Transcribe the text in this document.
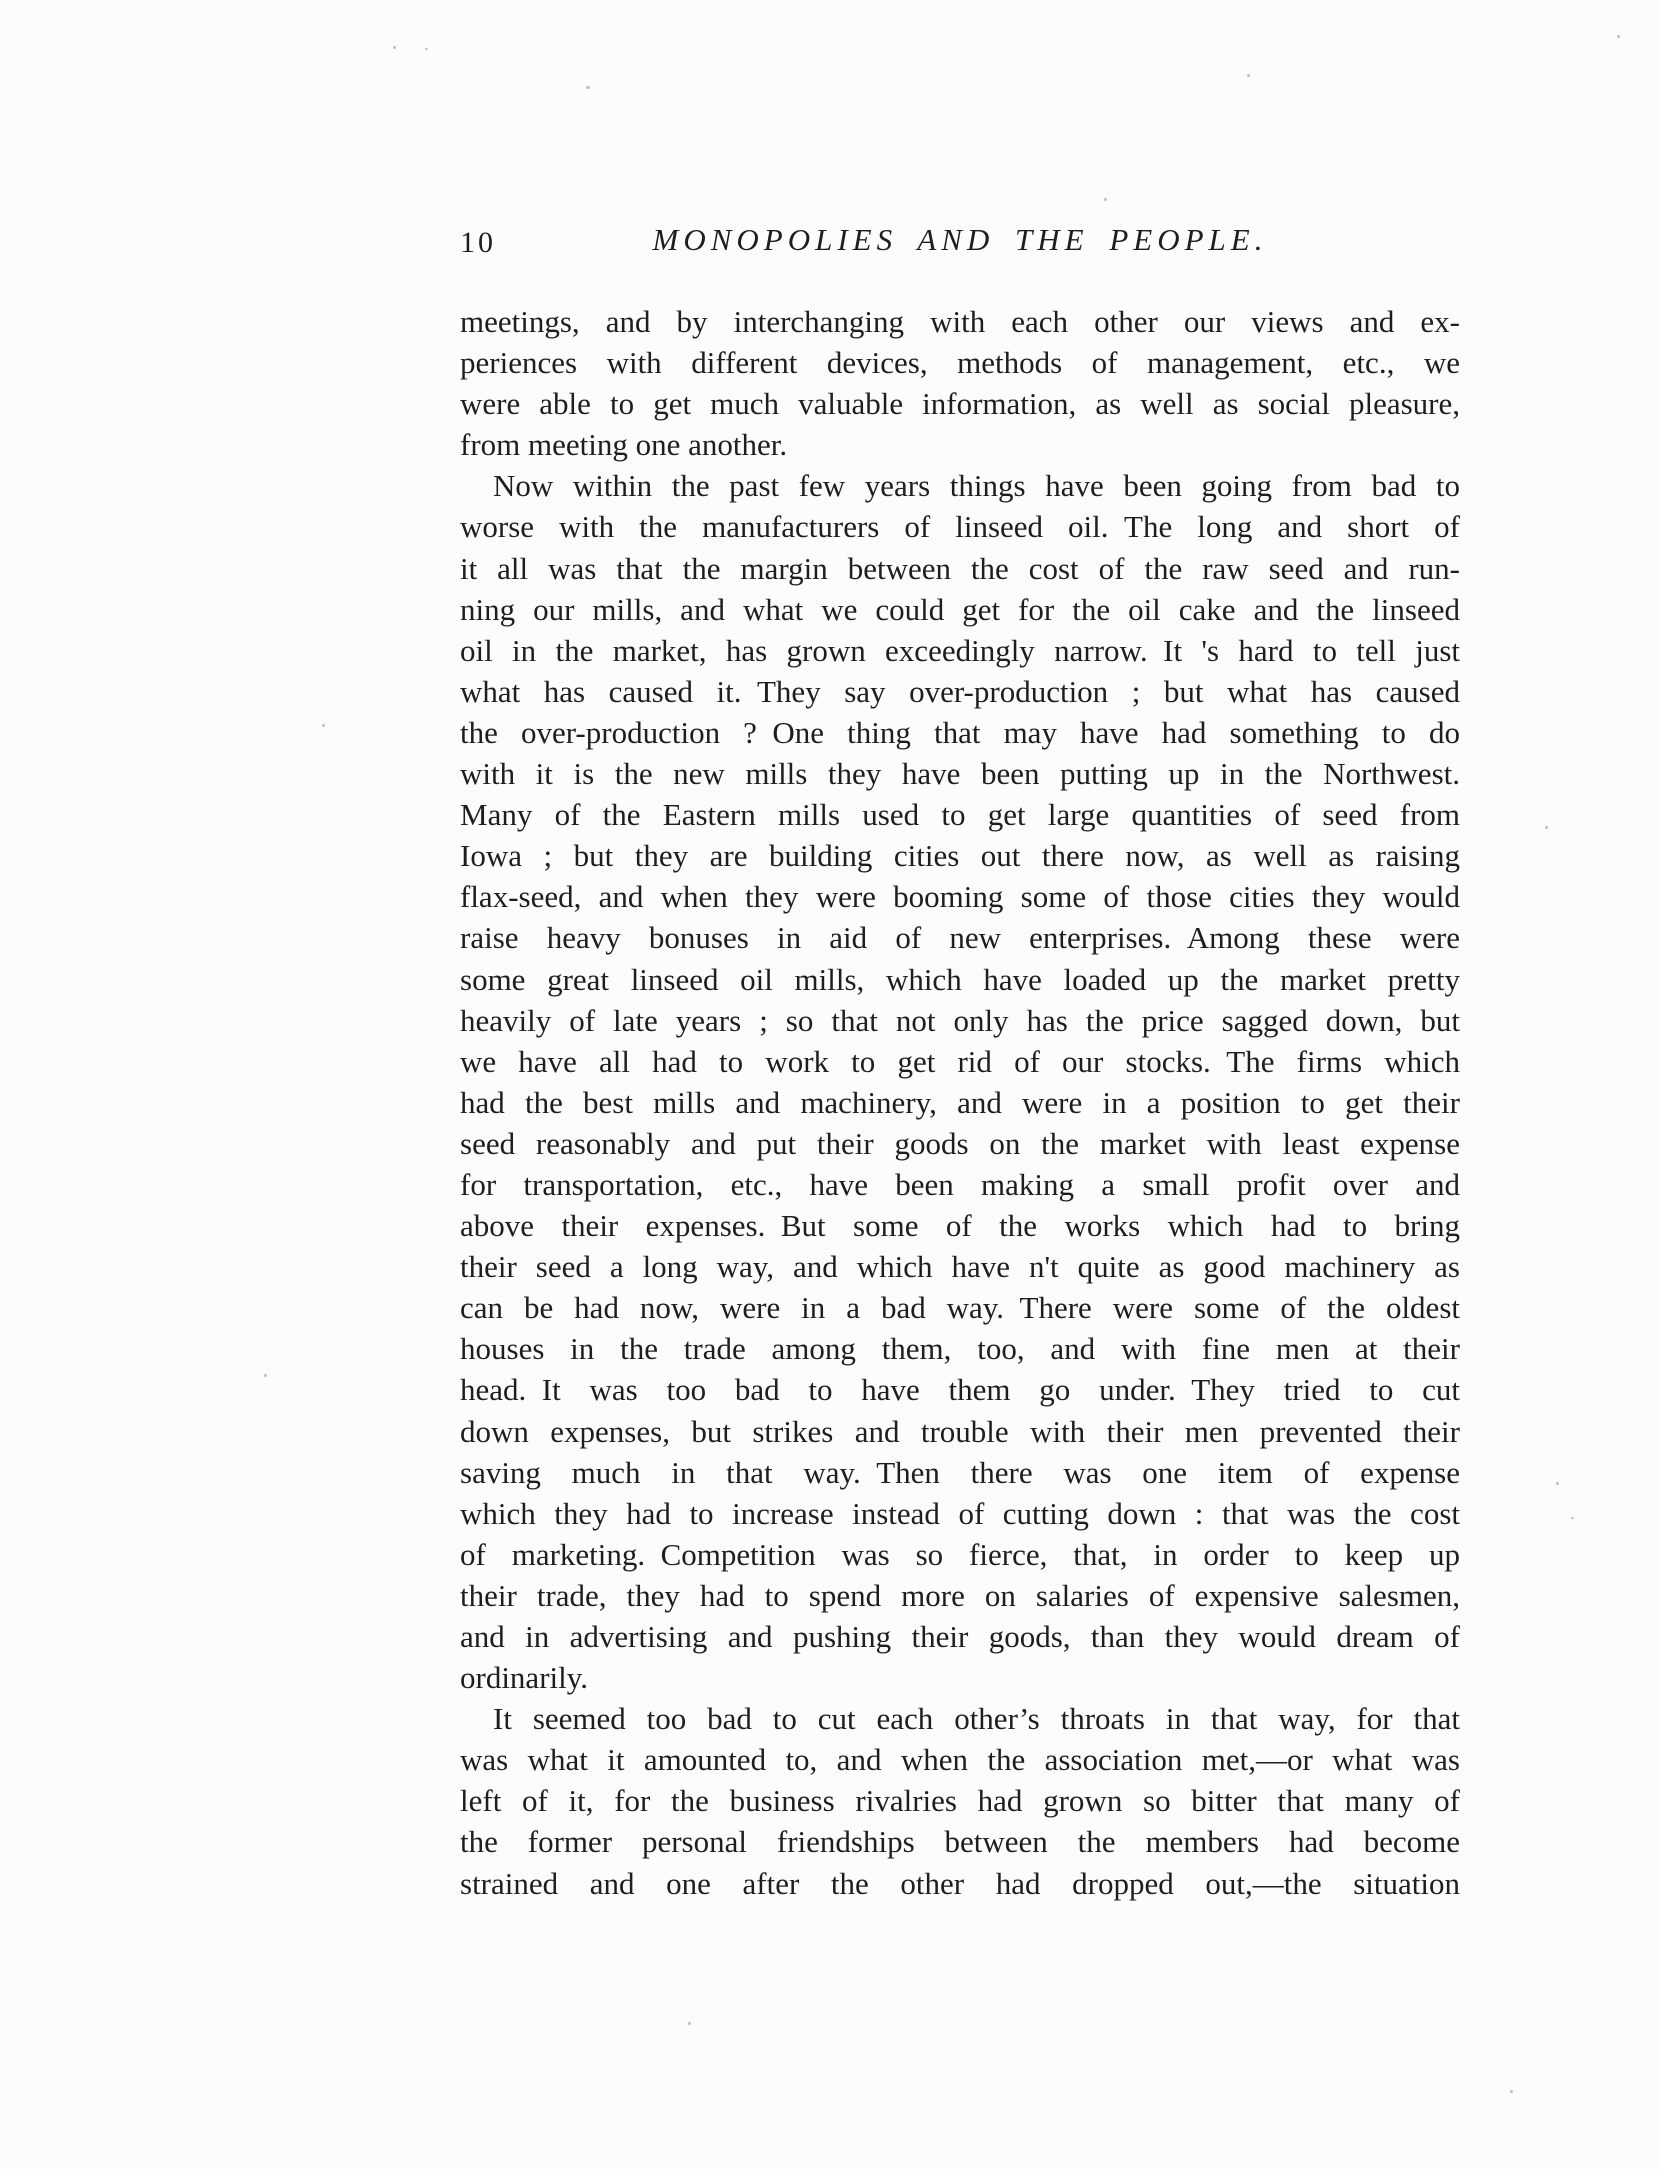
10	MONOPOLIES AND THE PEOPLE.
meetings, and by interchanging with each other our views and ex-
periences with different devices, methods of management, etc., we
were able to get much valuable information, as well as social pleasure,
from meeting one another.
Now within the past few years things have been going from bad to
worse with the manufacturers of linseed oil. The long and short of
it all was that the margin between the cost of the raw seed and run-
ning our mills, and what we could get for the oil cake and the linseed
oil in the market, has grown exceedingly narrow. It 's hard to tell just
what has caused it. They say over-production ; but what has caused
the over-production ? One thing that may have had something to do
with it is the new mills they have been putting up in the Northwest.
Many of the Eastern mills used to get large quantities of seed from
Iowa ; but they are building cities out there now, as well as raising
flax-seed, and when they were booming some of those cities they would
raise heavy bonuses in aid of new enterprises. Among these were
some great linseed oil mills, which have loaded up the market pretty
heavily of late years ; so that not only has the price sagged down, but
we have all had to work to get rid of our stocks. The firms which
had the best mills and machinery, and were in a position to get their
seed reasonably and put their goods on the market with least expense
for transportation, etc., have been making a small profit over and
above their expenses. But some of the works which had to bring
their seed a long way, and which have n't quite as good machinery as
can be had now, were in a bad way. There were some of the oldest
houses in the trade among them, too, and with fine men at their
head. It was too bad to have them go under. They tried to cut
down expenses, but strikes and trouble with their men prevented their
saving much in that way. Then there was one item of expense
which they had to increase instead of cutting down : that was the cost
of marketing. Competition was so fierce, that, in order to keep up
their trade, they had to spend more on salaries of expensive salesmen,
and in advertising and pushing their goods, than they would dream of
ordinarily.
It seemed too bad to cut each other’s throats in that way, for that
was what it amounted to, and when the association met,—or what was
left of it, for the business rivalries had grown so bitter that many of
the former personal friendships between the members had become
strained and one after the other had dropped out,—the situation
